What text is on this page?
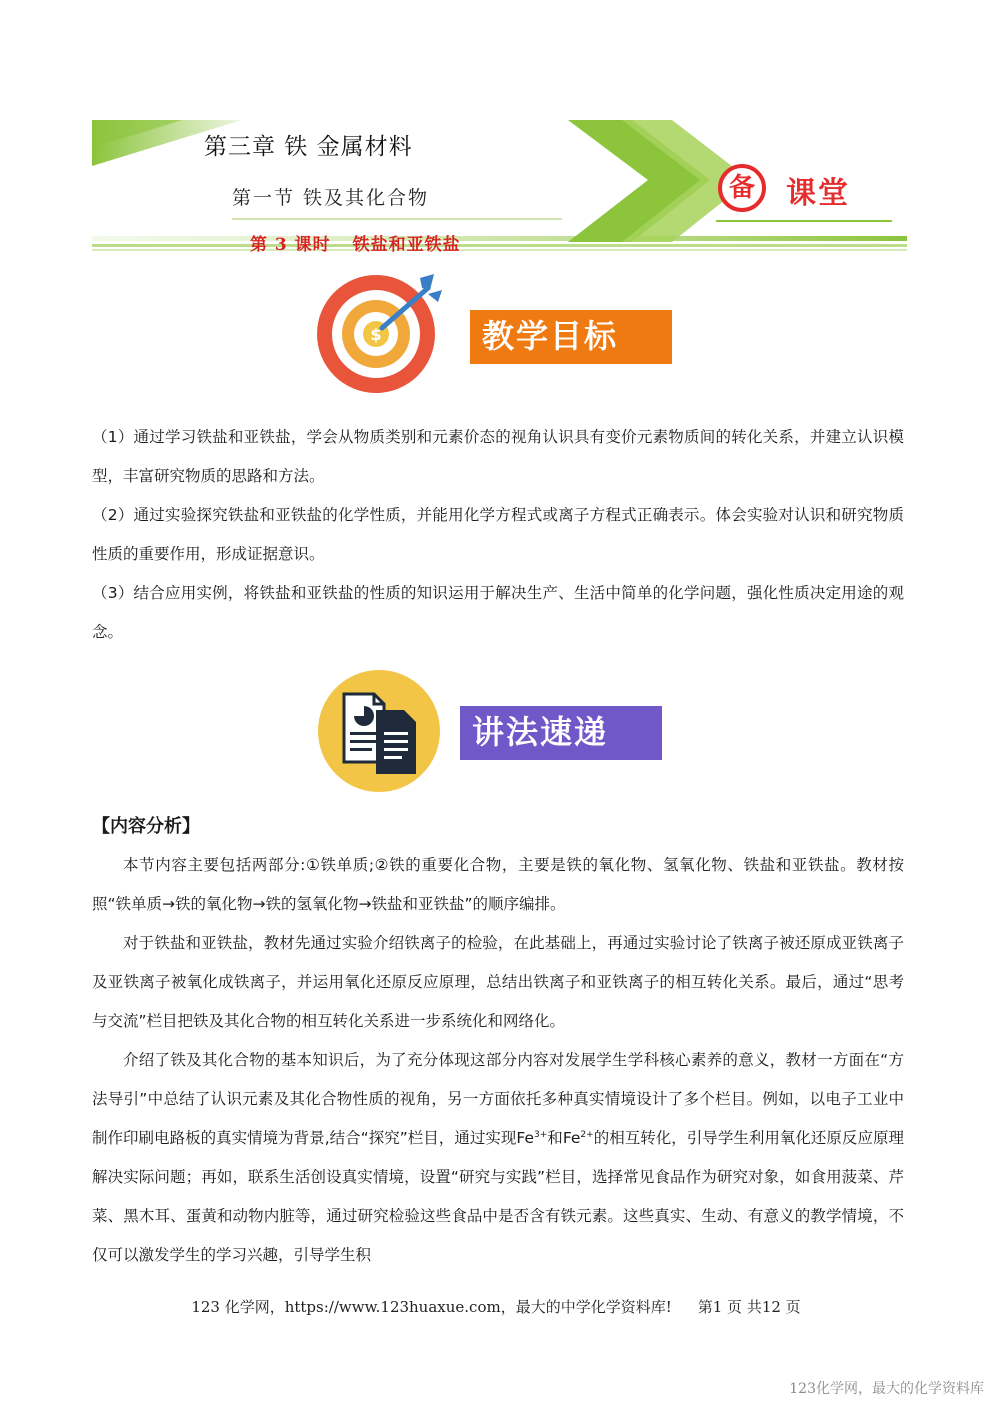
第三章 铁 金属材料
第一节 铁及其化合物
第 3 课时 铁盐和亚铁盐
备	课堂
$	教学目标
（1）通过学习铁盐和亚铁盐，学会从物质类别和元素价态的视角认识具有变价元素物质间的转化关系，并建立认识模型，丰富研究物质的思路和方法。
（2）通过实验探究铁盐和亚铁盐的化学性质，并能用化学方程式或离子方程式正确表示。体会实验对认识和研究物质性质的重要作用，形成证据意识。
（3）结合应用实例，将铁盐和亚铁盐的性质的知识运用于解决生产、生活中简单的化学问题，强化性质决定用途的观念。
讲法速递
【内容分析】
本节内容主要包括两部分:①铁单质;②铁的重要化合物，主要是铁的氧化物、氢氧化物、铁盐和亚铁盐。教材按照“铁单质→铁的氧化物→铁的氢氧化物→铁盐和亚铁盐”的顺序编排。
对于铁盐和亚铁盐，教材先通过实验介绍铁离子的检验，在此基础上，再通过实验讨论了铁离子被还原成亚铁离子及亚铁离子被氧化成铁离子，并运用氧化还原反应原理，总结出铁离子和亚铁离子的相互转化关系。最后，通过“思考与交流”栏目把铁及其化合物的相互转化关系进一步系统化和网络化。
介绍了铁及其化合物的基本知识后，为了充分体现这部分内容对发展学生学科核心素养的意义，教材一方面在“方法导引”中总结了认识元素及其化合物性质的视角，另一方面依托多种真实情境设计了多个栏目。例如，以电子工业中制作印刷电路板的真实情境为背景,结合“探究”栏目，通过实现$Fe^{3+}$和$Fe^{2+}$的相互转化，引导学生利用氧化还原反应原理解决实际问题；再如，联系生活创设真实情境，设置“研究与实践”栏目，选择常见食品作为研究对象，如食用菠菜、芹菜、黑木耳、蛋黄和动物内脏等，通过研究检验这些食品中是否含有铁元素。这些真实、生动、有意义的教学情境，不仅可以激发学生的学习兴趣，引导学生积
123 化学网，https://www.123huaxue.com，最大的中学化学资料库! 第1 页 共12 页
123化学网，最大的化学资料库
